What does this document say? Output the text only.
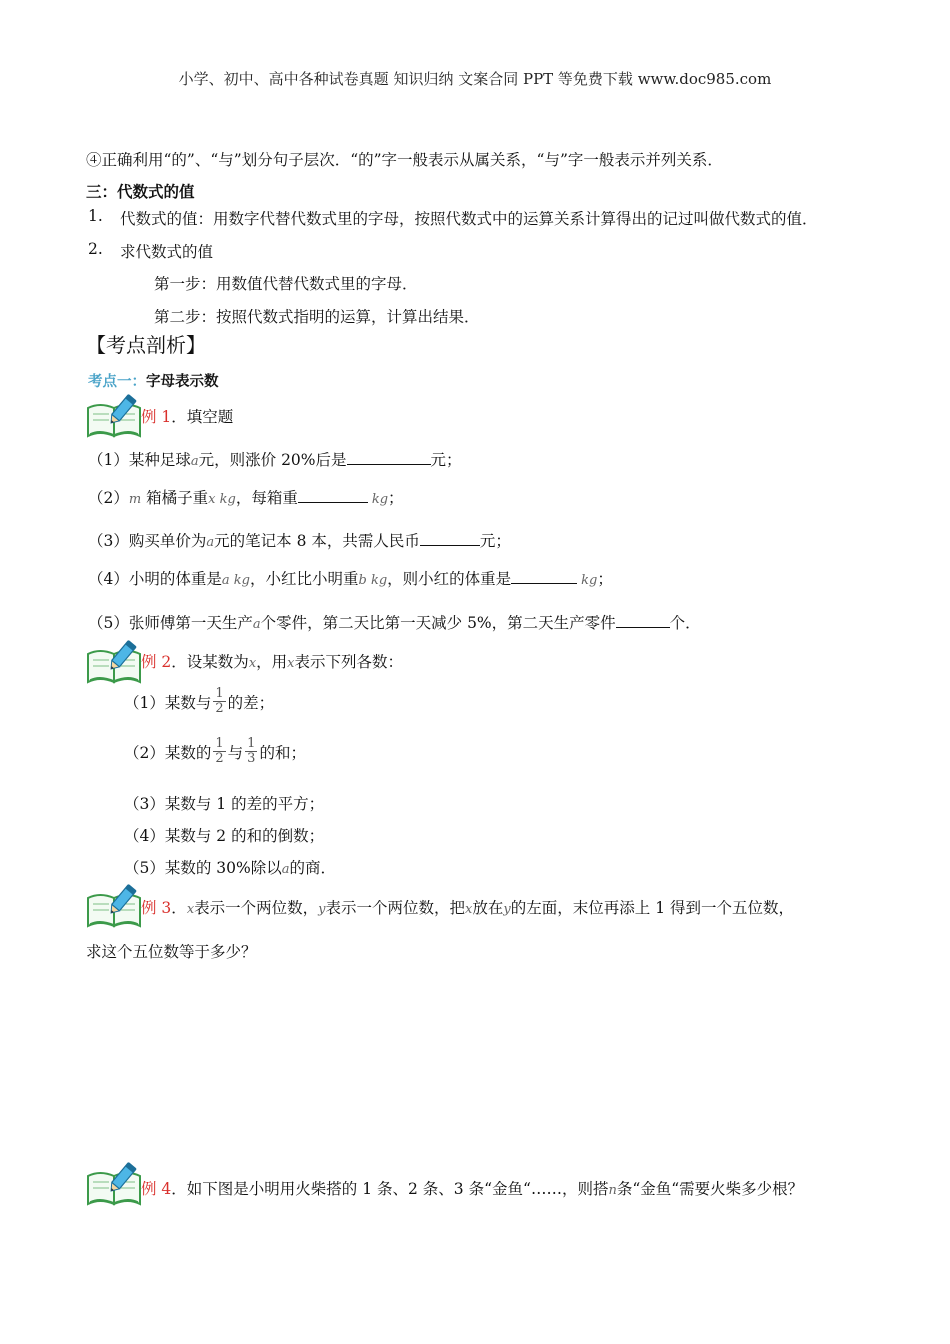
小学、初中、高中各种试卷真题 知识归纳 文案合同 PPT 等免费下载 www.doc985.com
④正确利用“的”、“与”划分句子层次．“的”字一般表示从属关系，“与”字一般表示并列关系．
三：代数式的值
1. 代数式的值：用数字代替代数式里的字母，按照代数式中的运算关系计算得出的记过叫做代数式的值．
2. 求代数式的值
第一步：用数值代替代数式里的字母．
第二步：按照代数式指明的运算，计算出结果．
【考点剖析】
考点一：字母表示数
例 1．填空题
（1）某种足球a元，则涨价 20%后是	元；
（2）m 箱橘子重x kg，每箱重	kg；
（3）购买单价为a元的笔记本 8 本，共需人民币	元；
（4）小明的体重是a kg，小红比小明重b kg，则小红的体重是	kg；
（5）张师傅第一天生产a个零件，第二天比第一天减少 5%，第二天生产零件	个．
例 2．设某数为x，用x表示下列各数：
（1）某数与 $\frac{1}{2}$ 的差；
（2）某数的 $\frac{1}{2}$ 与 $\frac{1}{3}$ 的和；
（3）某数与 1 的差的平方；
（4）某数与 2 的和的倒数；
（5）某数的 30%除以a的商．
例 3．x表示一个两位数，y表示一个两位数，把x放在y的左面，末位再添上 1 得到一个五位数，
求这个五位数等于多少？
例 4．如下图是小明用火柴搭的 1 条、2 条、3 条“金鱼“……，则搭n条“金鱼“需要火柴多少根？
